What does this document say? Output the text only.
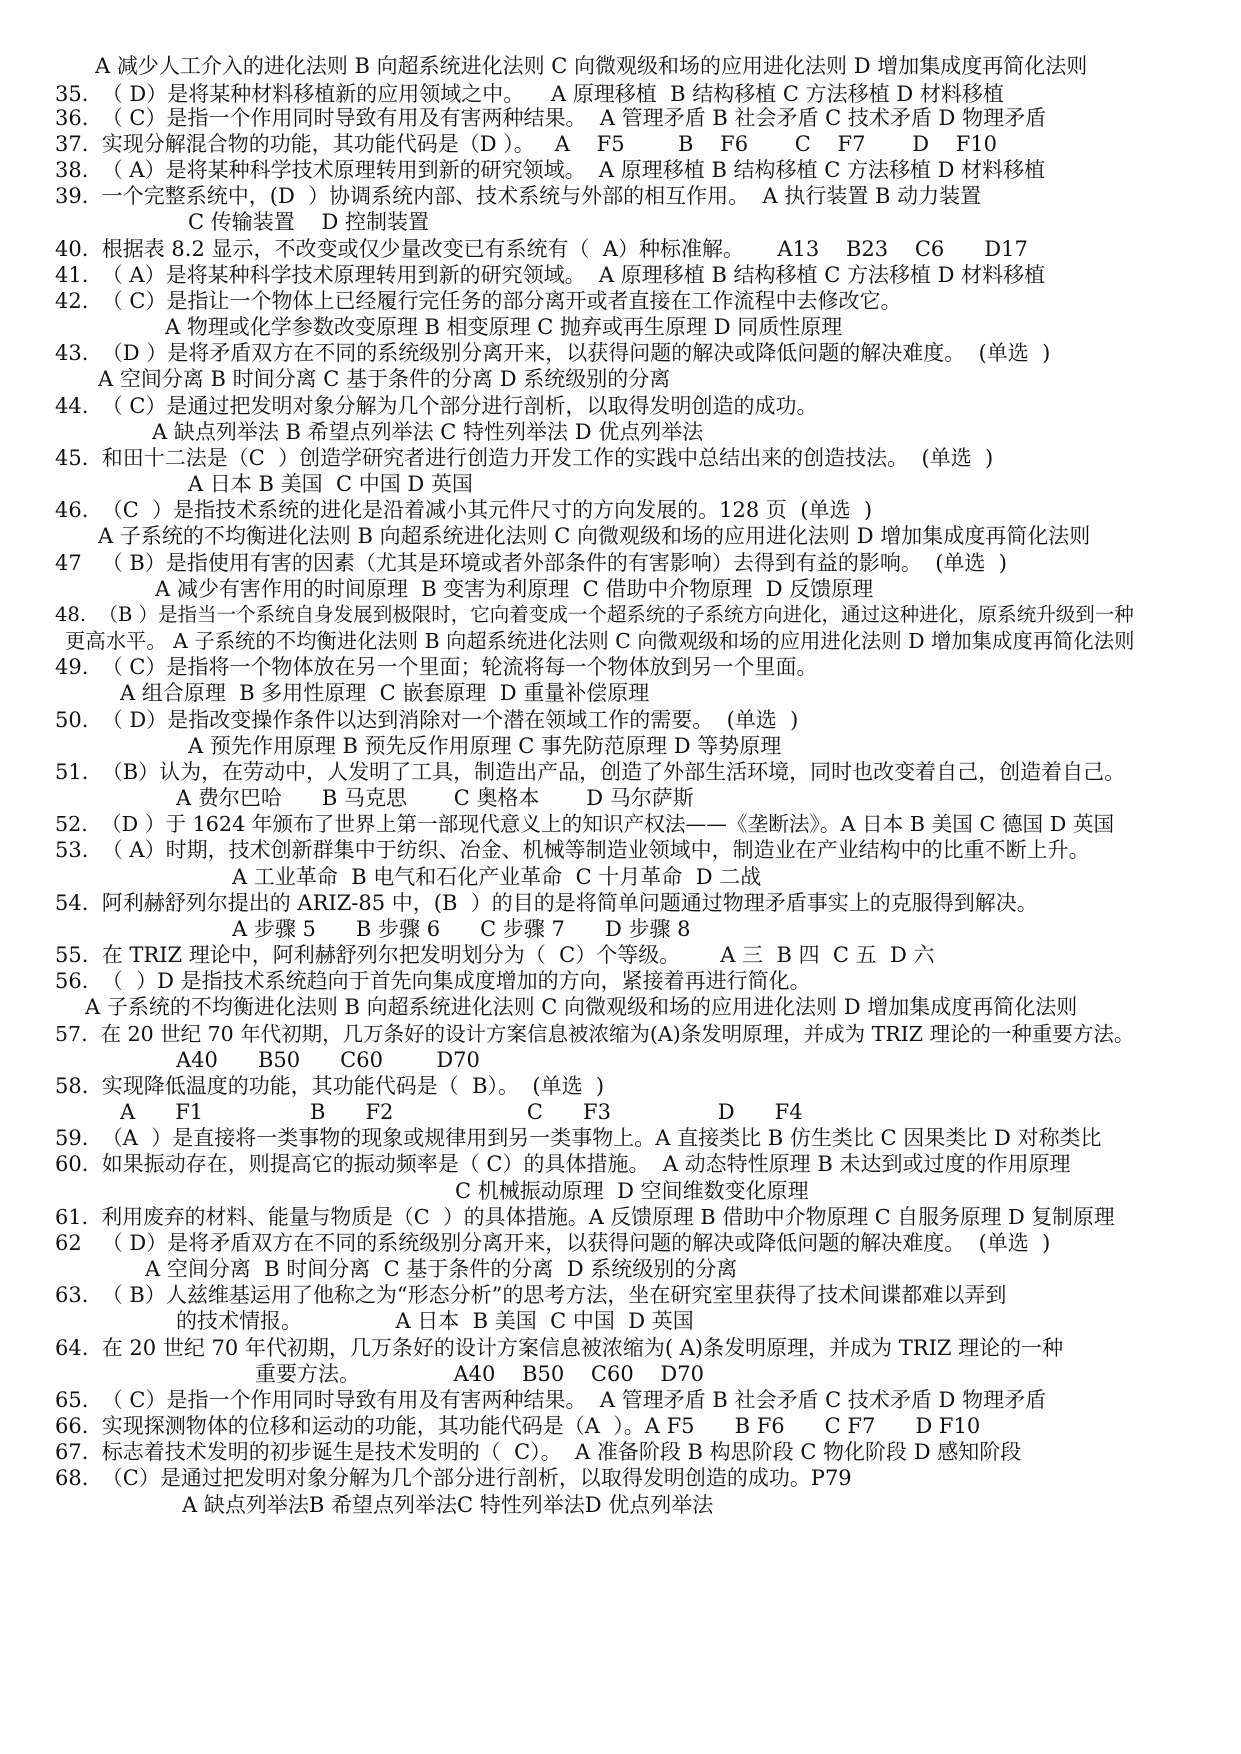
A 减少人工介入的进化法则 B 向超系统进化法则 C 向微观级和场的应用进化法则 D 增加集成度再简化法则
35.  （ D）是将某种材料移植新的应用领域之中。    A 原理移植  B 结构移植 C 方法移植 D 材料移植
36.  （ C）是指一个作用同时导致有用及有害两种结果。  A 管理矛盾 B 社会矛盾 C 技术矛盾 D 物理矛盾
37.  实现分解混合物的功能，其功能代码是（D ）。   A    F5        B    F6       C    F7       D    F10
38.  （ A）是将某种科学技术原理转用到新的研究领域。  A 原理移植 B 结构移植 C 方法移植 D 材料移植
39.  一个完整系统中，(D  ）协调系统内部、技术系统与外部的相互作用。  A 执行装置 B 动力装置
C 传输装置    D 控制装置
40.  根据表 8.2 显示，不改变或仅少量改变已有系统有（  A）种标准解。     A13    B23    C6      D17
41.  （ A）是将某种科学技术原理转用到新的研究领域。  A 原理移植 B 结构移植 C 方法移植 D 材料移植
42.  （ C）是指让一个物体上已经履行完任务的部分离开或者直接在工作流程中去修改它。
A 物理或化学参数改变原理 B 相变原理 C 抛弃或再生原理 D 同质性原理
43.  （D ）是将矛盾双方在不同的系统级别分离开来，以获得问题的解决或降低问题的解决难度。  (单选  )
A 空间分离 B 时间分离 C 基于条件的分离 D 系统级别的分离
44.  （ C）是通过把发明对象分解为几个部分进行剖析，以取得发明创造的成功。
A 缺点列举法 B 希望点列举法 C 特性列举法 D 优点列举法
45.  和田十二法是（C  ）创造学研究者进行创造力开发工作的实践中总结出来的创造技法。  (单选  )
A 日本 B 美国  C 中国 D 英国
46.  （C  ）是指技术系统的进化是沿着减小其元件尺寸的方向发展的。128 页  (单选  )
A 子系统的不均衡进化法则 B 向超系统进化法则 C 向微观级和场的应用进化法则 D 增加集成度再简化法则
47   （ B）是指使用有害的因素（尤其是环境或者外部条件的有害影响）去得到有益的影响。  (单选  )
A 减少有害作用的时间原理  B 变害为利原理  C 借助中介物原理  D 反馈原理
48.  （B ）是指当一个系统自身发展到极限时，它向着变成一个超系统的子系统方向进化，通过这种进化，原系统升级到一种
更高水平。 A 子系统的不均衡进化法则 B 向超系统进化法则 C 向微观级和场的应用进化法则 D 增加集成度再简化法则
49.  （ C）是指将一个物体放在另一个里面；轮流将每一个物体放到另一个里面。
A 组合原理  B 多用性原理  C 嵌套原理  D 重量补偿原理
50.  （ D）是指改变操作条件以达到消除对一个潜在领域工作的需要。  (单选  )
A 预先作用原理 B 预先反作用原理 C 事先防范原理 D 等势原理
51.  （B）认为，在劳动中，人发明了工具，制造出产品，创造了外部生活环境，同时也改变着自己，创造着自己。
A 费尔巴哈      B 马克思       C 奥格本       D 马尔萨斯
52.  （D ）于 1624 年颁布了世界上第一部现代意义上的知识产权法——《垄断法》。A 日本 B 美国 C 德国 D 英国
53.  （ A）时期，技术创新群集中于纺织、冶金、机械等制造业领域中，制造业在产业结构中的比重不断上升。
A 工业革命  B 电气和石化产业革命  C 十月革命  D 二战
54.  阿利赫舒列尔提出的 ARIZ-85 中，(B  ）的目的是将简单问题通过物理矛盾事实上的克服得到解决。
A 步骤 5      B 步骤 6      C 步骤 7      D 步骤 8
55.  在 TRIZ 理论中，阿利赫舒列尔把发明划分为（  C）个等级。      A 三  B 四  C 五  D 六
56.  （  ）D 是指技术系统趋向于首先向集成度增加的方向，紧接着再进行简化。
A 子系统的不均衡进化法则 B 向超系统进化法则 C 向微观级和场的应用进化法则 D 增加集成度再简化法则
57.  在 20 世纪 70 年代初期，几万条好的设计方案信息被浓缩为(A)条发明原理，并成为 TRIZ 理论的一种重要方法。
A40      B50      C60        D70
58.  实现降低温度的功能，其功能代码是（  B）。  (单选  )
A      F1                B      F2                    C      F3                D      F4
59.  （A  ）是直接将一类事物的现象或规律用到另一类事物上。A 直接类比 B 仿生类比 C 因果类比 D 对称类比
60.  如果振动存在，则提高它的振动频率是（ C）的具体措施。  A 动态特性原理 B 未达到或过度的作用原理
C 机械振动原理  D 空间维数变化原理
61.  利用废弃的材料、能量与物质是（C  ）的具体措施。A 反馈原理 B 借助中介物原理 C 自服务原理 D 复制原理
62   （ D）是将矛盾双方在不同的系统级别分离开来，以获得问题的解决或降低问题的解决难度。  (单选  )
A 空间分离  B 时间分离  C 基于条件的分离  D 系统级别的分离
63.  （ B）人兹维基运用了他称之为“形态分析”的思考方法，坐在研究室里获得了技术间谍都难以弄到
的技术情报。              A 日本  B 美国  C 中国  D 英国
64.  在 20 世纪 70 年代初期，几万条好的设计方案信息被浓缩为( A)条发明原理，并成为 TRIZ 理论的一种
重要方法。              A40    B50    C60    D70
65.  （ C）是指一个作用同时导致有用及有害两种结果。  A 管理矛盾 B 社会矛盾 C 技术矛盾 D 物理矛盾
66.  实现探测物体的位移和运动的功能，其功能代码是（A  ）。A F5      B F6      C F7      D F10
67.  标志着技术发明的初步诞生是技术发明的（  C）。  A 准备阶段 B 构思阶段 C 物化阶段 D 感知阶段
68.  （C）是通过把发明对象分解为几个部分进行剖析，以取得发明创造的成功。P79
A 缺点列举法B 希望点列举法C 特性列举法D 优点列举法
